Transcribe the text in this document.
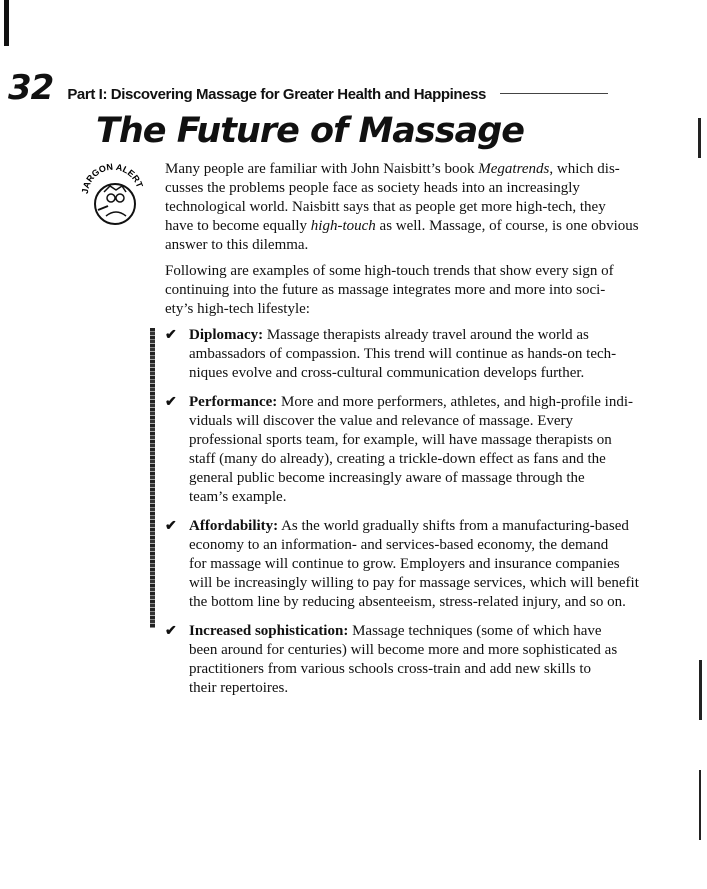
32 Part I: Discovering Massage for Greater Health and Happiness
The Future of Massage
JARGON ALERT
Many people are familiar with John Naisbitt’s book Megatrends, which dis-
cusses the problems people face as society heads into an increasingly
technological world. Naisbitt says that as people get more high-tech, they
have to become equally high-touch as well. Massage, of course, is one obvious
answer to this dilemma.
Following are examples of some high-touch trends that show every sign of
continuing into the future as massage integrates more and more into soci-
ety’s high-tech lifestyle:
✔ Diplomacy: Massage therapists already travel around the world as
ambassadors of compassion. This trend will continue as hands-on tech-
niques evolve and cross-cultural communication develops further.
✔ Performance: More and more performers, athletes, and high-profile indi-
viduals will discover the value and relevance of massage. Every
professional sports team, for example, will have massage therapists on
staff (many do already), creating a trickle-down effect as fans and the
general public become increasingly aware of massage through the
team’s example.
✔ Affordability: As the world gradually shifts from a manufacturing-based
economy to an information- and services-based economy, the demand
for massage will continue to grow. Employers and insurance companies
will be increasingly willing to pay for massage services, which will benefit
the bottom line by reducing absenteeism, stress-related injury, and so on.
✔ Increased sophistication: Massage techniques (some of which have
been around for centuries) will become more and more sophisticated as
practitioners from various schools cross-train and add new skills to
their repertoires.
